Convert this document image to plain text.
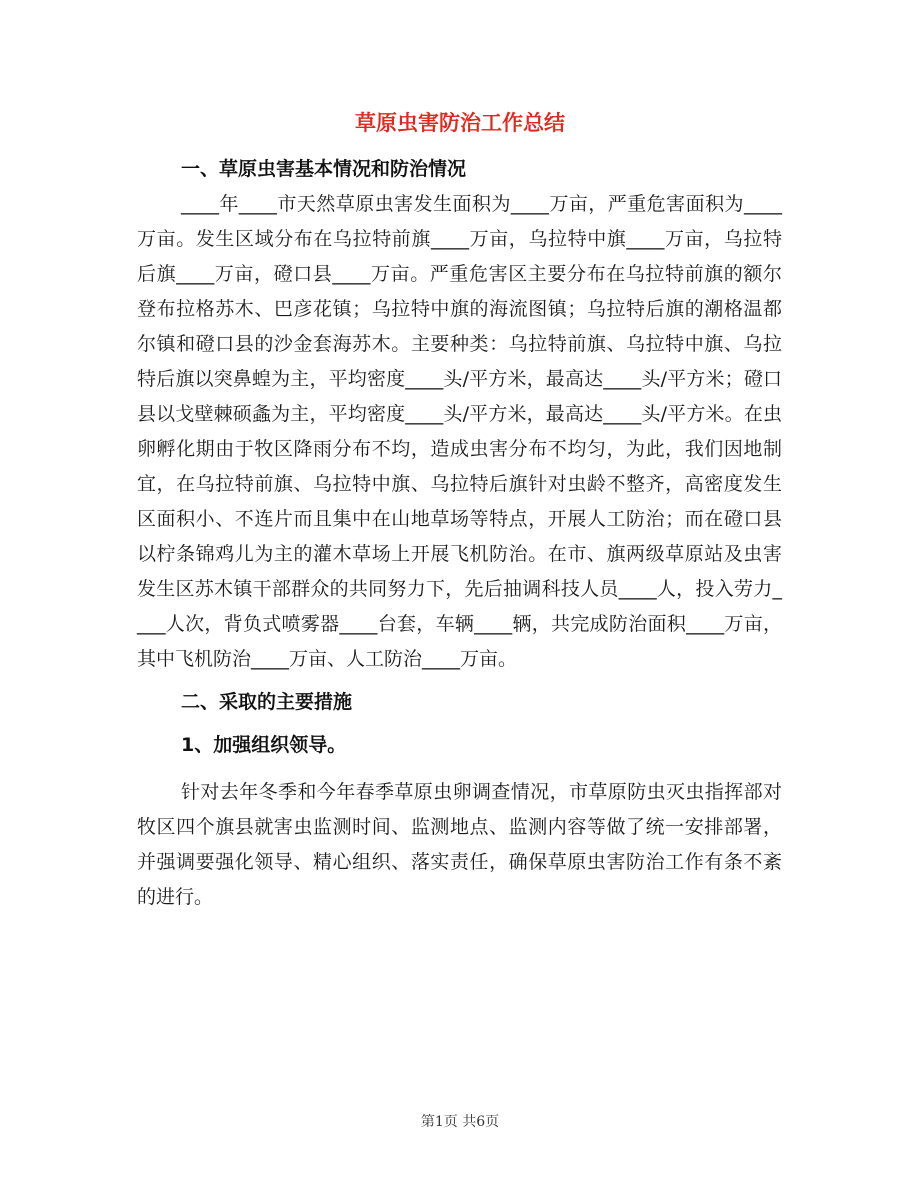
草原虫害防治工作总结
一、草原虫害基本情况和防治情况

____年____市天然草原虫害发生面积为____万亩，严重危害面积为____万亩。发生区域分布在乌拉特前旗____万亩，乌拉特中旗____万亩，乌拉特后旗____万亩，磴口县____万亩。严重危害区主要分布在乌拉特前旗的额尔登布拉格苏木、巴彦花镇；乌拉特中旗的海流图镇；乌拉特后旗的潮格温都尔镇和磴口县的沙金套海苏木。主要种类：乌拉特前旗、乌拉特中旗、乌拉特后旗以突鼻蝗为主，平均密度____头/平方米，最高达____头/平方米；磴口县以戈壁棘硕螽为主，平均密度____头/平方米，最高达____头/平方米。在虫卵孵化期由于牧区降雨分布不均，造成虫害分布不均匀，为此，我们因地制宜，在乌拉特前旗、乌拉特中旗、乌拉特后旗针对虫龄不整齐，高密度发生区面积小、不连片而且集中在山地草场等特点，开展人工防治；而在磴口县以柠条锦鸡儿为主的灌木草场上开展飞机防治。在市、旗两级草原站及虫害发生区苏木镇干部群众的共同努力下，先后抽调科技人员____人，投入劳力____人次，背负式喷雾器____台套，车辆____辆，共完成防治面积____万亩，其中飞机防治____万亩、人工防治____万亩。

二、采取的主要措施
1、加强组织领导。

针对去年冬季和今年春季草原虫卵调查情况，市草原防虫灭虫指挥部对牧区四个旗县就害虫监测时间、监测地点、监测内容等做了统一安排部署，并强调要强化领导、精心组织、落实责任，确保草原虫害防治工作有条不紊的进行。

第1页 共6页
